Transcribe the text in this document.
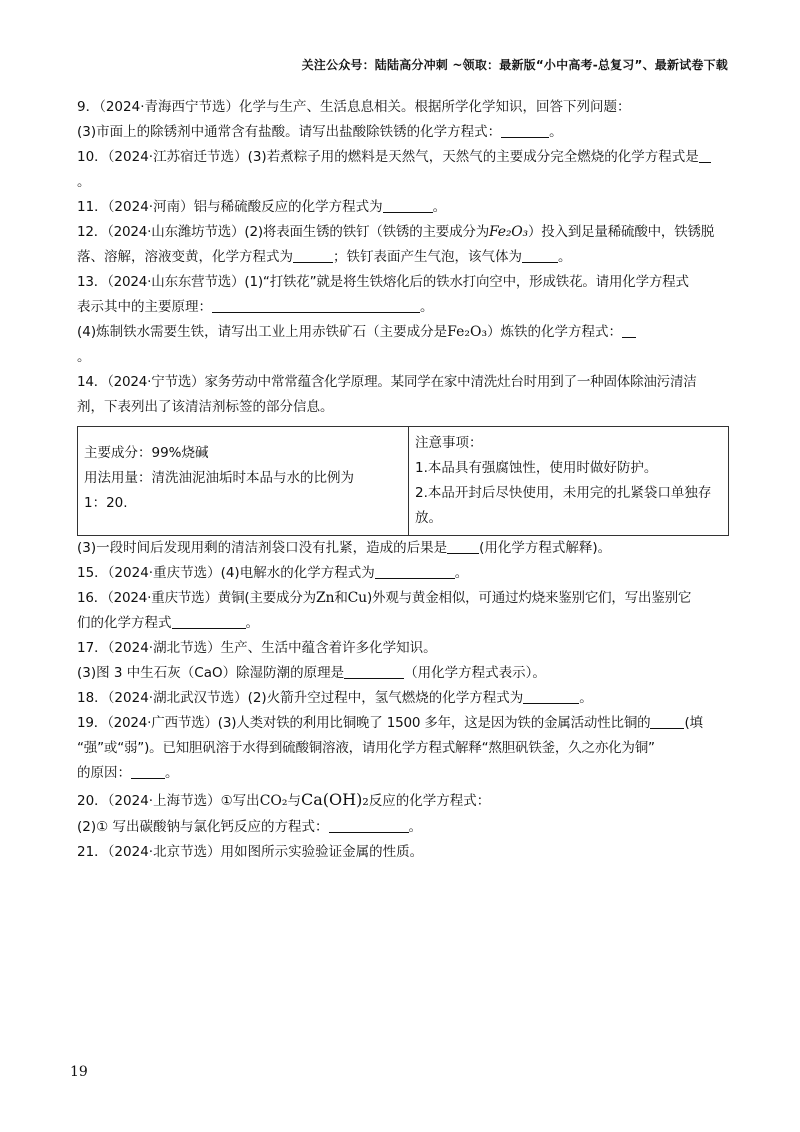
关注公众号：陆陆高分冲刺 ~领取：最新版“小中高考-总复习”、最新试卷下载
9．（2024·青海西宁节选）化学与生产、生活息息相关。根据所学化学知识，回答下列问题：
(3)市面上的除锈剂中通常含有盐酸。请写出盐酸除铁锈的化学方程式：	。
10．（2024·江苏宿迁节选）(3)若煮粽子用的燃料是天然气，天然气的主要成分完全燃烧的化学方程式是
。
11．（2024·河南）铝与稀硫酸反应的化学方程式为	。
12．（2024·山东潍坊节选）(2)将表面生锈的铁钉（铁锈的主要成分为Fe₂O₃）投入到足量稀硫酸中，铁锈脱
落、溶解，溶液变黄，化学方程式为	；铁钉表面产生气泡，该气体为	。
13．（2024·山东东营节选）(1)“打铁花”就是将生铁熔化后的铁水打向空中，形成铁花。请用化学方程式
表示其中的主要原理：	。
(4)炼制铁水需要生铁，请写出工业上用赤铁矿石（主要成分是Fe₂O₃）炼铁的化学方程式：
。
14．（2024·宁节选）家务劳动中常常蕴含化学原理。某同学在家中清洗灶台时用到了一种固体除油污清洁
剂，下表列出了该清洁剂标签的部分信息。
主要成分：99%烧碱
用法用量：清洗油泥油垢时本品与水的比例为
1：20.

注意事项：
1.本品具有强腐蚀性，使用时做好防护。
2.本品开封后尽快使用，未用完的扎紧袋口单独存
放。
(3)一段时间后发现用剩的清洁剂袋口没有扎紧，造成的后果是 (用化学方程式解释)。
15．（2024·重庆节选）(4)电解水的化学方程式为	。
16．（2024·重庆节选）黄铜(主要成分为Zn和Cu)外观与黄金相似，可通过灼烧来鉴别它们，写出鉴别它
们的化学方程式	。
17．（2024·湖北节选）生产、生活中蕴含着许多化学知识。
(3)图 3 中生石灰（CaO）除湿防潮的原理是	（用化学方程式表示）。
18．（2024·湖北武汉节选）(2)火箭升空过程中，氢气燃烧的化学方程式为	。
19．（2024·广西节选）(3)人类对铁的利用比铜晚了 1500 多年，这是因为铁的金属活动性比铜的	(填
“强”或“弱”)。已知胆矾溶于水得到硫酸铜溶液，请用化学方程式解释“熬胆矾铁釜，久之亦化为铜”
的原因：	。
20．（2024·上海节选）①写出CO₂与Ca(OH)₂反应的化学方程式：
(2)① 写出碳酸钠与氯化钙反应的方程式：	。
21．（2024·北京节选）用如图所示实验验证金属的性质。
19
